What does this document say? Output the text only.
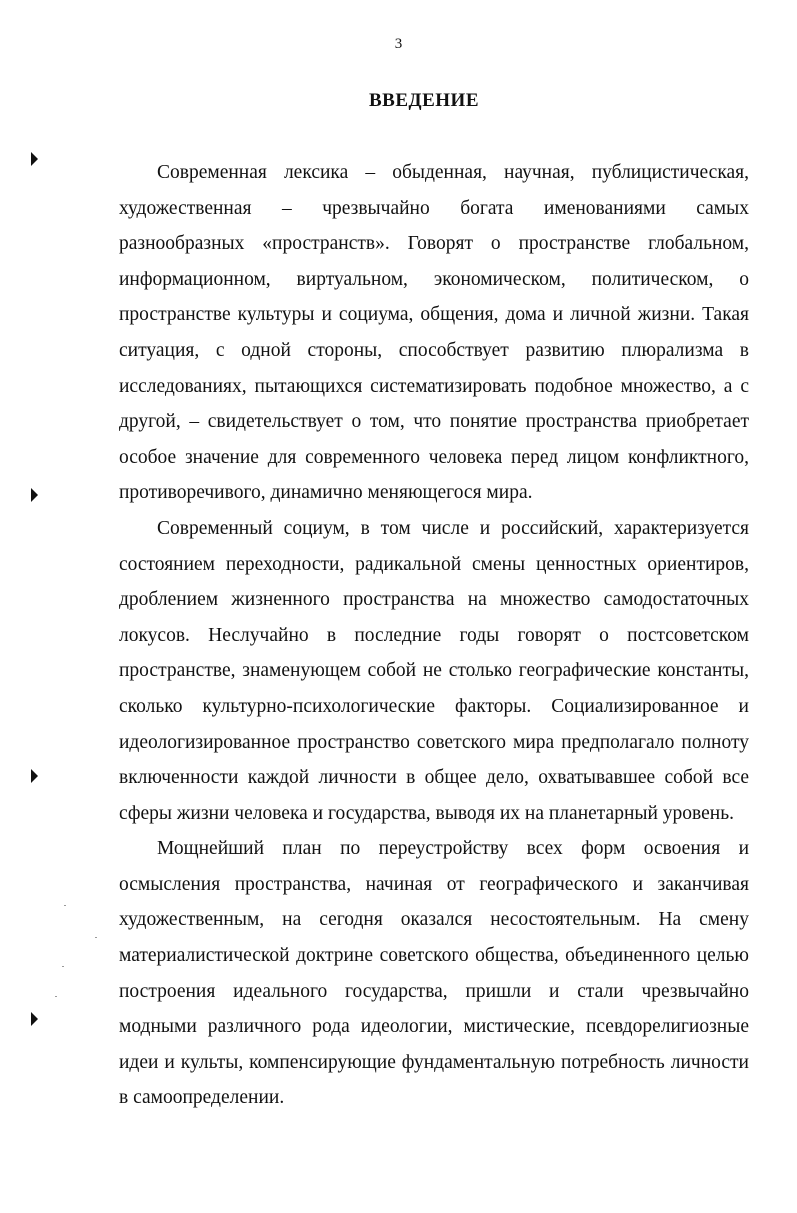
3
ВВЕДЕНИЕ

Современная лексика – обыденная, научная, публицистическая, художественная – чрезвычайно богата именованиями самых разнообразных «пространств». Говорят о пространстве глобальном, информационном, виртуальном, экономическом, политическом, о пространстве культуры и социума, общения, дома и личной жизни. Такая ситуация, с одной стороны, способствует развитию плюрализма в исследованиях, пытающихся систематизировать подобное множество, а с другой, – свидетельствует о том, что понятие пространства приобретает особое значение для современного человека перед лицом конфликтного, противоречивого, динамично меняющегося мира.

Современный социум, в том числе и российский, характеризуется состоянием переходности, радикальной смены ценностных ориентиров, дроблением жизненного пространства на множество самодостаточных локусов. Неслучайно в последние годы говорят о постсоветском пространстве, знаменующем собой не столько географические константы, сколько культурно-психологические факторы. Социализированное и идеологизированное пространство советского мира предполагало полноту включенности каждой личности в общее дело, охватывавшее собой все сферы жизни человека и государства, выводя их на планетарный уровень.

Мощнейший план по переустройству всех форм освоения и осмысления пространства, начиная от географического и заканчивая художественным, на сегодня оказался несостоятельным. На смену материалистической доктрине советского общества, объединенного целью построения идеального государства, пришли и стали чрезвычайно модными различного рода идеологии, мистические, псевдорелигиозные идеи и культы, компенсирующие фундаментальную потребность личности в самоопределении.
